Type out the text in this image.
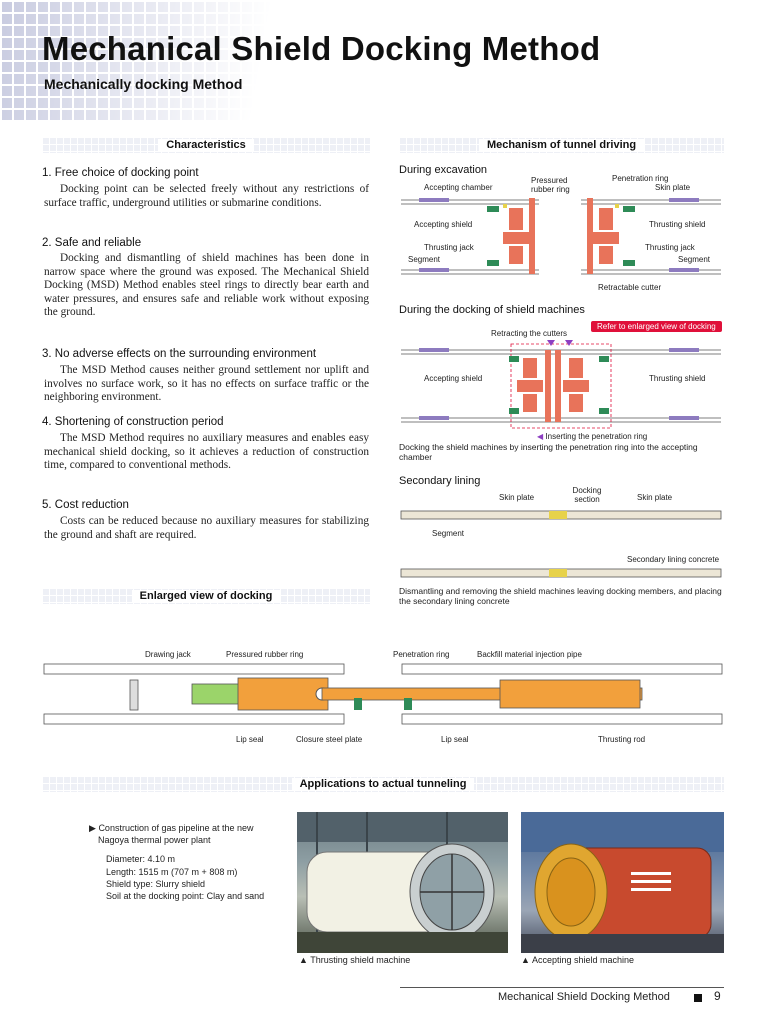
Mechanical Shield Docking Method
Mechanically docking Method
Characteristics
1. Free choice of docking point
Docking point can be selected freely without any restrictions of surface traffic, underground utilities or submarine conditions.
2. Safe and reliable
Docking and dismantling of shield machines has been done in narrow space where the ground was exposed. The Mechanical Shield Docking (MSD) Method enables steel rings to directly bear earth and water pressures, and ensures safe and reliable work without exposing the ground.
3. No adverse effects on the surrounding environment
The MSD Method causes neither ground settlement nor uplift and involves no surface work, so it has no effects on surface traffic or the neighboring environment.
4. Shortening of construction period
The MSD Method requires no auxiliary measures and enables easy mechanical shield docking, so it achieves a reduction of construction time, compared to conventional methods.
5. Cost reduction
Costs can be reduced because no auxiliary measures for stabilizing the ground and shaft are required.
Mechanism of tunnel driving
During excavation
Accepting chamber
Pressured rubber ring
Penetration ring
Skin plate
Accepting shield	Thrusting shield
Thrusting jack	Thrusting jack
Segment	Segment
Retractable cutter
During the docking of shield machines
Retracting the cutters
Refer to enlarged view of docking
Accepting shield	Thrusting shield
◀ Inserting the penetration ring
Docking the shield machines by inserting the penetration ring into the accepting chamber
Secondary lining
Skin plate
Docking section	Skin plate
Segment
Secondary lining concrete
Dismantling and removing the shield machines leaving docking members, and placing the secondary lining concrete
Enlarged view of docking
Drawing jack	Pressured rubber ring	Penetration ring	Backfill material injection pipe
Lip seal	Closure steel plate	Lip seal	Thrusting rod
Applications to actual tunneling
▶ Construction of gas pipeline at the new
Nagoya thermal power plant
Diameter: 4.10 m
Length: 1515 m (707 m + 808 m)
Shield type: Slurry shield
Soil at the docking point: Clay and sand
▲ Thrusting shield machine	▲ Accepting shield machine
Mechanical Shield Docking Method	9
